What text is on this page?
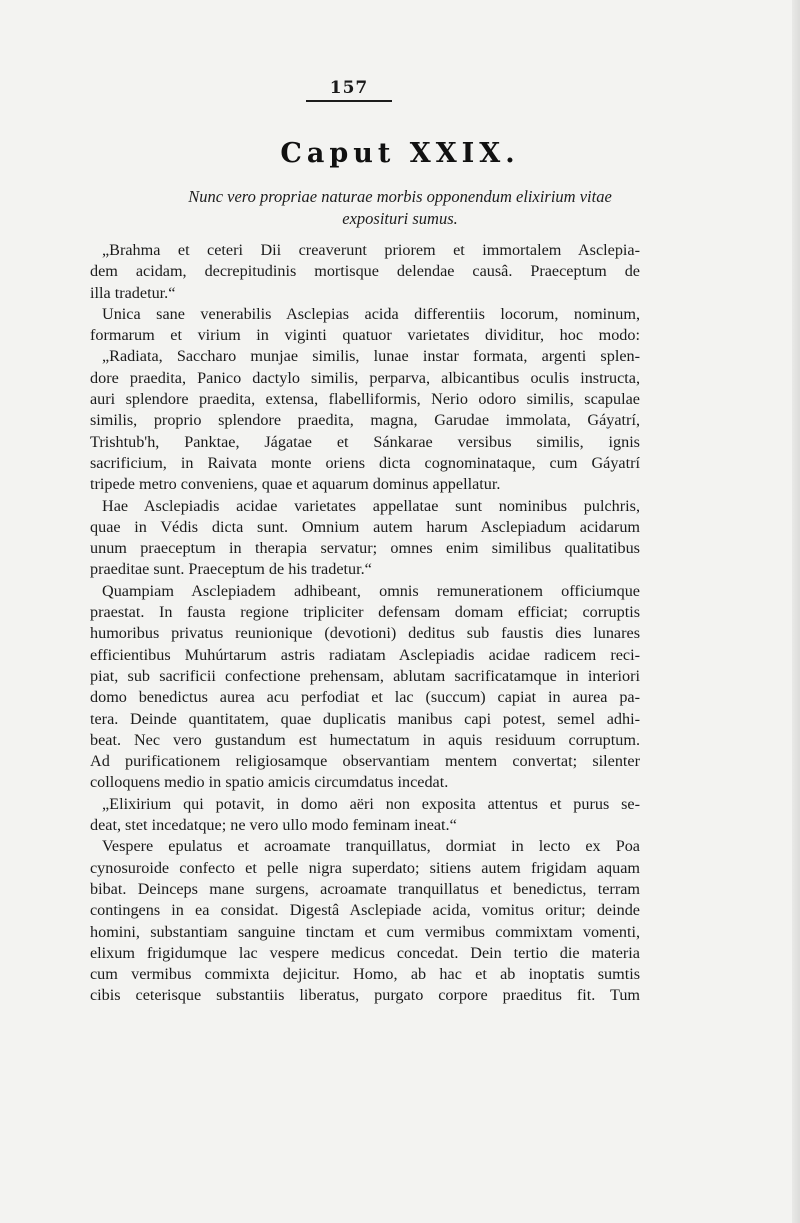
157
Caput XXIX.
Nunc vero propriae naturae morbis opponendum elixirium vitae
expositurі sumus.
„Brahma et ceteri Dii creaverunt priorem et immortalem Asclepia-
dem acidam, decrepitudinis mortisque delendae causâ. Praeceptum de
illa tradetur.“
Unica sane venerabilis Asclepias acida differentiis locorum, nominum,
formarum et virium in viginti quatuor varietates dividitur, hoc modo:
„Radiata, Saccharo munjae similis, lunae instar formata, argenti splen-
dore praedita, Panico dactylo similis, perparva, albicantibus oculis instructa,
auri splendore praedita, extensa, flabelliformis, Nerio odoro similis, scapulae
similis, proprio splendore praedita, magna, Garudae immolata, Gáyatrí,
Trishtub'h, Panktae, Jágatae et Sánkarae versibus similis, ignis
sacrificium, in Raivata monte oriens dicta cognominataque, cum Gáyatrí
tripede metro conveniens, quae et aquarum dominus appellatur.
Hae Asclepiadis acidae varietates appellatae sunt nominibus pulchris,
quae in Védis dicta sunt. Omnium autem harum Asclepiadum acidarum
unum praeceptum in therapia servatur; omnes enim similibus qualitatibus
praeditae sunt. Praeceptum de his tradetur.“
Quampiam Asclepiadem adhibeant, omnis remunerationem officiumque
praestat. In fausta regione tripliciter defensam domam efficiat; corruptis
humoribus privatus reunionique (devotioni) deditus sub faustis dies lunares
efficientibus Muhúrtarum astris radiatam Asclepiadis acidae radicem reci-
piat, sub sacrificii confectione prehensam, ablutam sacrificatamque in interiori
domo benedictus aurea acu perfodiat et lac (succum) capiat in aurea pa-
tera. Deinde quantitatem, quae duplicatis manibus capi potest, semel adhi-
beat. Nec vero gustandum est humectatum in aquis residuum corruptum.
Ad purificationem religiosamque observantiam mentem convertat; silenter
colloquens medio in spatio amicis circumdatus incedat.
„Elixirium qui potavit, in domo aëri non exposita attentus et purus se-
deat, stet incedatque; ne vero ullo modo feminam ineat.“
Vespere epulatus et acroamate tranquillatus, dormiat in lecto ex Poa
cynosuroide confecto et pelle nigra superdato; sitiens autem frigidam aquam
bibat. Deinceps mane surgens, acroamate tranquillatus et benedictus, terram
contingens in ea considat. Digestâ Asclepiade acida, vomitus oritur; deinde
homini, substantiam sanguine tinctam et cum vermibus commixtam vomenti,
elixum frigidumque lac vespere medicus concedat. Dein tertio die materia
cum vermibus commixta dejicitur. Homo, ab hac et ab inoptatis sumtis
cibis ceterisque substantiis liberatus, purgato corpore praeditus fit. Tum
